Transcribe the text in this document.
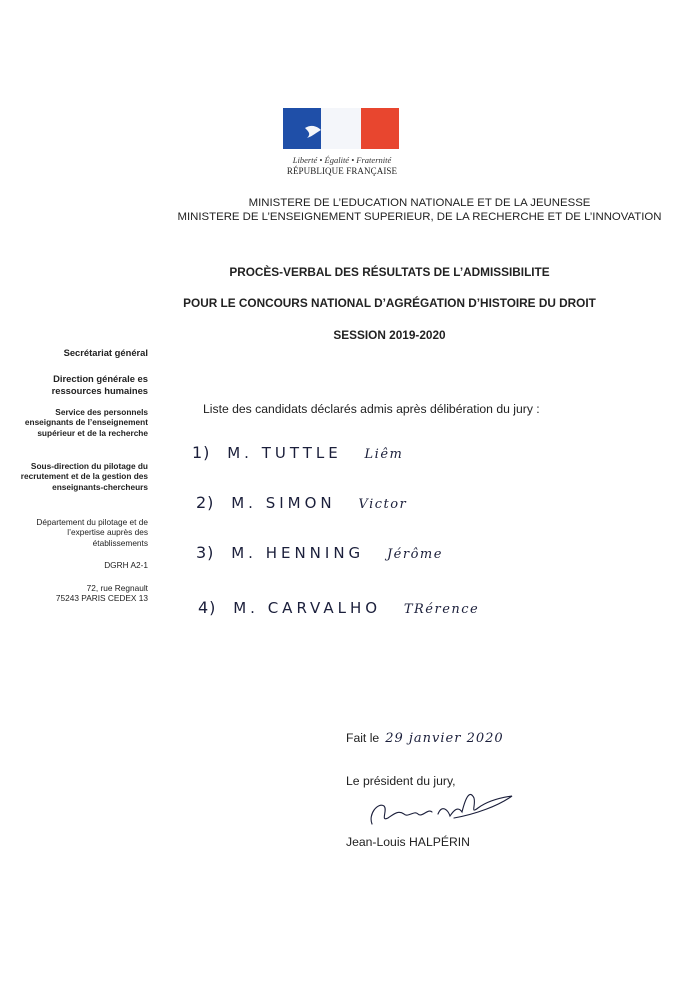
Liberté • Égalité • Fraternité
RÉPUBLIQUE FRANÇAISE
MINISTERE DE L’EDUCATION NATIONALE ET DE LA JEUNESSE
MINISTERE DE L’ENSEIGNEMENT SUPERIEUR, DE LA RECHERCHE ET DE L’INNOVATION
PROCÈS-VERBAL DES RÉSULTATS DE L’ADMISSIBILITE
POUR LE CONCOURS NATIONAL D’AGRÉGATION D’HISTOIRE DU DROIT
SESSION 2019-2020
Secrétariat général
Direction générale es ressources humaines
Service des personnels enseignants de l’enseignement supérieur et de la recherche
Sous-direction du pilotage du recrutement et de la gestion des enseignants-chercheurs
Département du pilotage et de l’expertise auprès des établissements
DGRH A2-1
72, rue Regnault
75243 PARIS CEDEX 13
Liste des candidats déclarés admis après délibération du jury :
1) M. TUTTLE Liêm
2) M. SIMON Victor
3) M. HENNING Jérôme
4) M. CARVALHO TRérence
Fait le 29 janvier 2020
Le président du jury,
Jean-Louis HALPÉRIN
